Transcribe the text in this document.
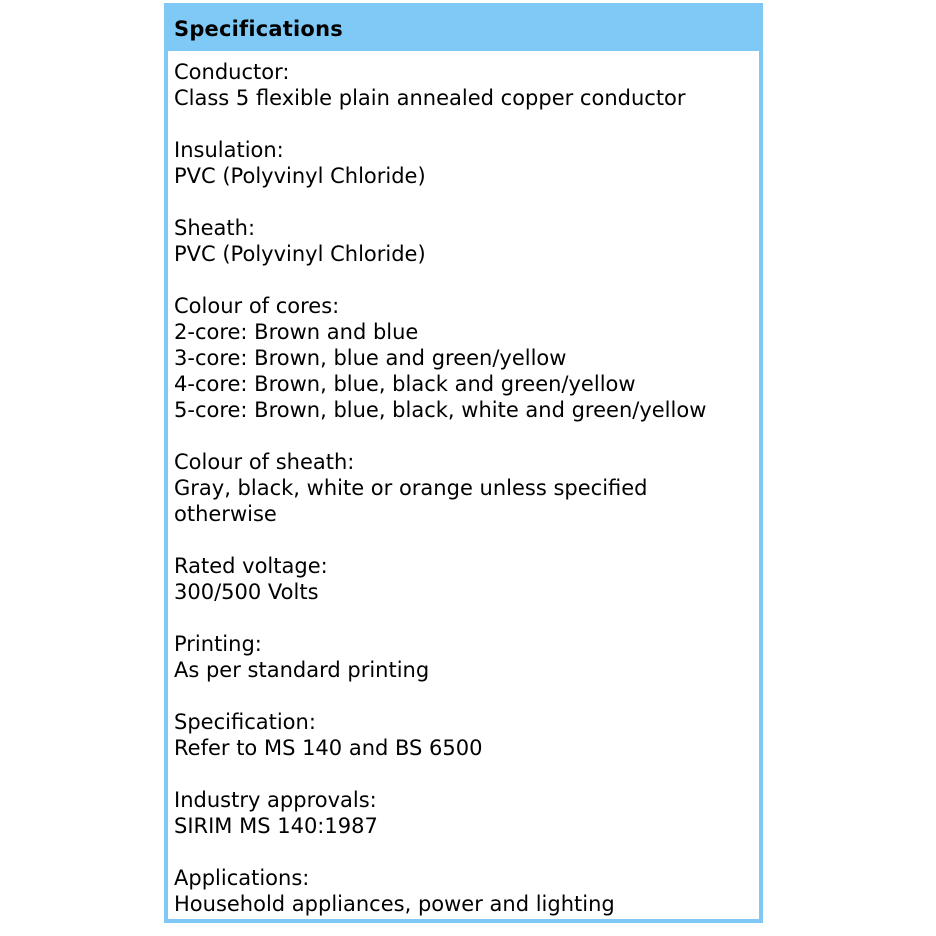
Specifications
Conductor:
Class 5 flexible plain annealed copper conductor
Insulation:
PVC (Polyvinyl Chloride)
Sheath:
PVC (Polyvinyl Chloride)
Colour of cores:
2-core: Brown and blue
3-core: Brown, blue and green/yellow
4-core: Brown, blue, black and green/yellow
5-core: Brown, blue, black, white and green/yellow
Colour of sheath:
Gray, black, white or orange unless specified otherwise
Rated voltage:
300/500 Volts
Printing:
As per standard printing
Specification:
Refer to MS 140 and BS 6500
Industry approvals:
SIRIM MS 140:1987
Applications:
Household appliances, power and lighting
